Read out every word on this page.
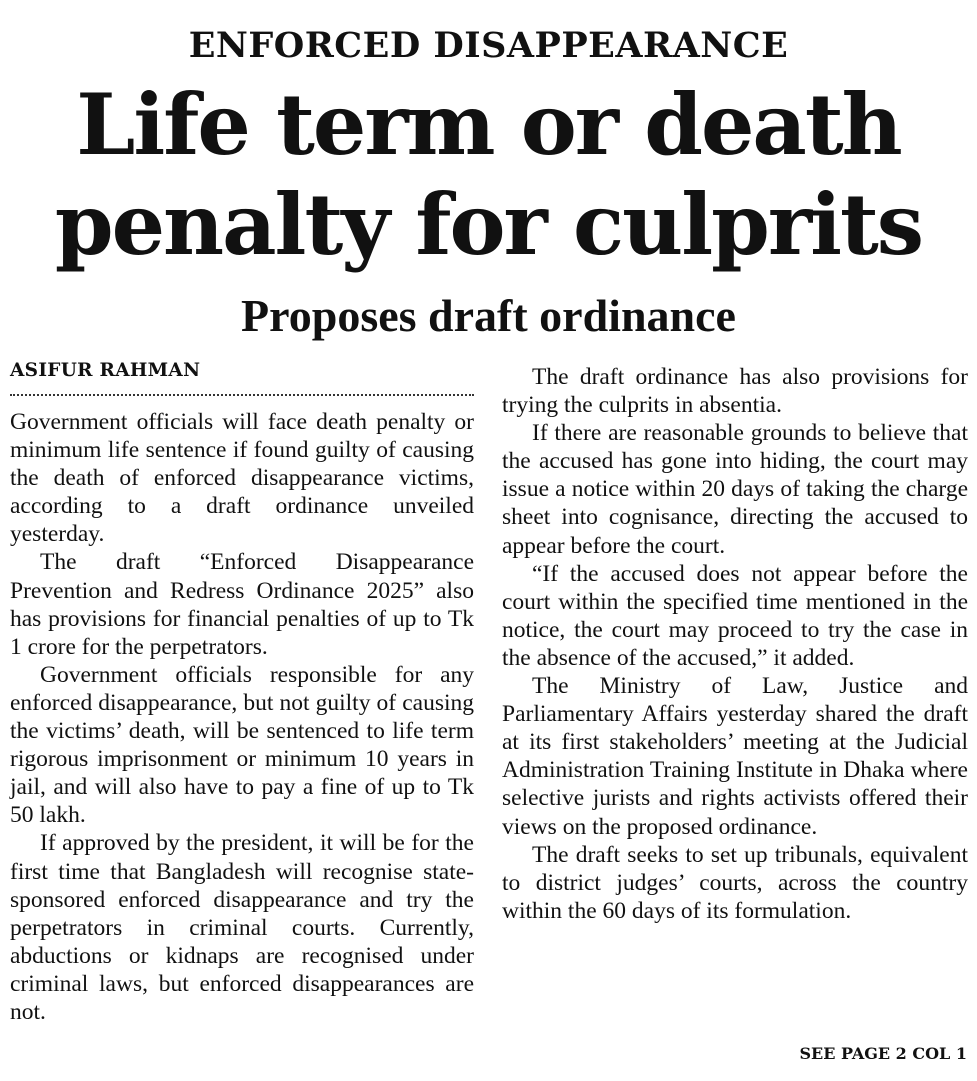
ENFORCED DISAPPEARANCE
Life term or death
penalty for culprits
Proposes draft ordinance
ASIFUR RAHMAN

Government officials will face death penalty or minimum life sentence if found guilty of causing the death of enforced disappearance victims, according to a draft ordinance unveiled yesterday.

The draft “Enforced Disappearance Prevention and Redress Ordinance 2025” also has provisions for financial penalties of up to Tk 1 crore for the perpetrators.

Government officials responsible for any enforced disappearance, but not guilty of causing the victims’ death, will be sentenced to life term rigorous imprisonment or minimum 10 years in jail, and will also have to pay a fine of up to Tk 50 lakh.

If approved by the president, it will be for the first time that Bangladesh will recognise state-sponsored enforced disappearance and try the perpetrators in criminal courts. Currently, abductions or kidnaps are recognised under criminal laws, but enforced disappearances are not.

The draft ordinance has also provisions for trying the culprits in absentia.

If there are reasonable grounds to believe that the accused has gone into hiding, the court may issue a notice within 20 days of taking the charge sheet into cognisance, directing the accused to appear before the court.

“If the accused does not appear before the court within the specified time mentioned in the notice, the court may proceed to try the case in the absence of the accused,” it added.

The Ministry of Law, Justice and Parliamentary Affairs yesterday shared the draft at its first stakeholders’ meeting at the Judicial Administration Training Institute in Dhaka where selective jurists and rights activists offered their views on the proposed ordinance.

The draft seeks to set up tribunals, equivalent to district judges’ courts, across the country within the 60 days of its formulation.

SEE PAGE 2 COL 1
